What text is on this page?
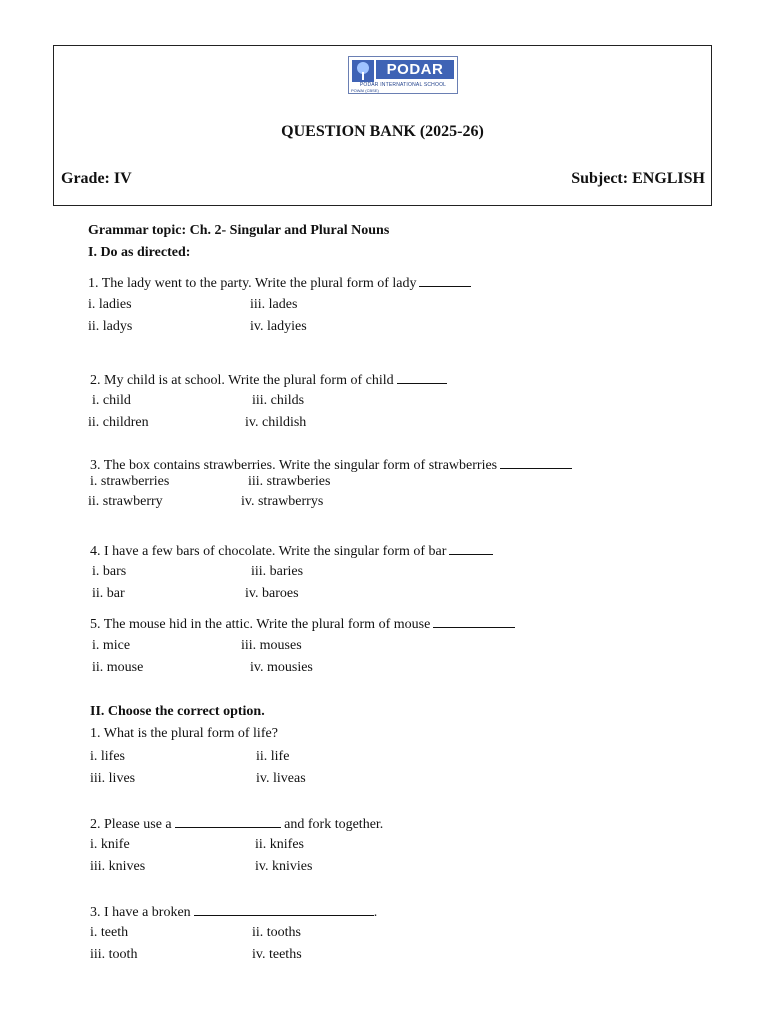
PODAR
PODAR INTERNATIONAL SCHOOL
POWAI (CBSE)
QUESTION BANK (2025-26)
Grade: IV	Subject: ENGLISH
Grammar topic: Ch. 2- Singular and Plural Nouns
I. Do as directed:
1. The lady went to the party. Write the plural form of lady
i. ladies	iii. lades
ii. ladys	iv. ladyies
2. My child is at school. Write the plural form of child
i. child	iii. childs
ii. children	iv. childish
3. The box contains strawberries. Write the singular form of strawberries
i. strawberries	iii. strawberies
ii. strawberry	iv. strawberrys
4. I have a few bars of chocolate. Write the singular form of bar
i. bars	iii. baries
ii. bar	iv. baroes
5. The mouse hid in the attic. Write the plural form of mouse
i. mice	iii. mouses
ii. mouse	iv. mousies
II. Choose the correct option.
1. What is the plural form of life?
i. lifes	ii. life
iii. lives	iv. liveas
2. Please use a	and fork together.
i. knife	ii. knifes
iii. knives	iv. knivies
3. I have a broken	.
i. teeth	ii. tooths
iii. tooth	iv. teeths
